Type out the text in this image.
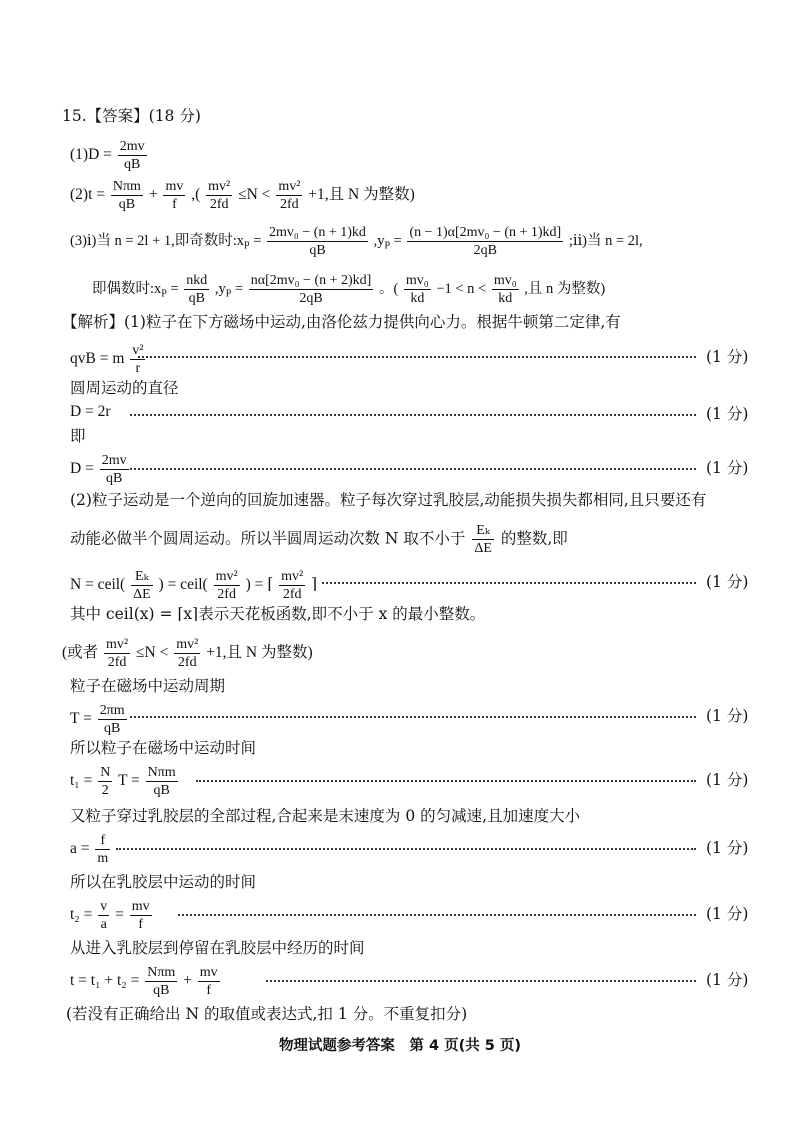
15.【答案】(18 分)
$(1)D = \frac{2mv}{qB}$
$(2)t = \frac{\text{Nπm}}{qB} + \frac{mv}{f}$ ,( $\frac{\text{mv²}}{2fd} \le N < \frac{\text{mv²}}{2fd} +1$,且 N 为整数)
(3)ⅰ)当 n = 2l + 1,即奇数时$:x_P = \frac{\text{2mv₀ − (n + 1)kd}}{qB} ,y_P = \frac{\text{(n − 1)α[2mv₀ − (n + 1)kd]}}{2qB}$ ;ⅱ)当 n = 2l,
即偶数时$:x_P = \frac{\text{nkd}}{qB} ,y_P = \frac{\text{nα[2mv₀ − (n + 2)kd]}}{2qB}$ 。( $\frac{\text{mv₀}}{kd} -1 < n < \frac{\text{mv₀}}{kd}$ ,且 n 为整数)
【解析】(1)粒子在下方磁场中运动,由洛伦兹力提供向心力。根据牛顿第二定律,有
qvB = m $\frac{\text{v²}}{r}$	(1 分)
圆周运动的直径
D = 2r	(1 分)
即
$D = \frac{2mv}{qB}$	(1 分)
(2)粒子运动是一个逆向的回旋加速器。粒子每次穿过乳胶层,动能损失损失都相同,且只要还有
动能必做半个圆周运动。所以半圆周运动次数 N 取不小于 $\frac{\text{Eₖ}}{\Delta E}$ 的整数,即
N = ceil( $\frac{\text{Eₖ}}{\Delta E}$ ) = ceil( $\frac{\text{mv²}}{2fd}$ ) = ⌈ $\frac{\text{mv²}}{2fd}$ ⌉	(1 分)
其中 ceil(x) = ⌈x⌉表示天花板函数,即不小于 x 的最小整数。
(或者 $\frac{\text{mv²}}{2fd} \le N < \frac{\text{mv²}}{2fd} +1$,且 N 为整数)
粒子在磁场中运动周期
$T = \frac{2\pi m}{qB}$	(1 分)
所以粒子在磁场中运动时间
$t_1 = \frac{N}{2}$ $T = \frac{\text{Nπm}}{qB}$	(1 分)
又粒子穿过乳胶层的全部过程,合起来是末速度为 0 的匀减速,且加速度大小
$a = \frac{f}{m}$	(1 分)
所以在乳胶层中运动的时间
$t_2 = \frac{v}{a} = \frac{mv}{f}$	(1 分)
从进入乳胶层到停留在乳胶层中经历的时间
$t = t_1 + t_2 = \frac{\text{Nπm}}{qB} + \frac{mv}{f}$	(1 分)
(若没有正确给出 N 的取值或表达式,扣 1 分。不重复扣分)
物理试题参考答案　第 4 页(共 5 页)
